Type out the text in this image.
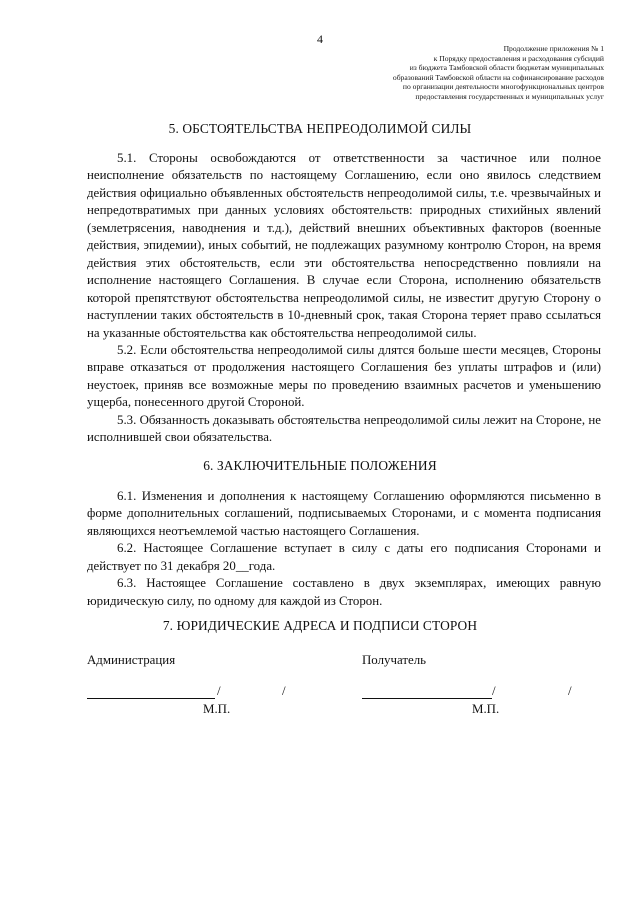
4
Продолжение приложения № 1
к Порядку предоставления и расходования субсидий
из бюджета Тамбовской области бюджетам муниципальных
образований Тамбовской области на софинансирование расходов
по организации деятельности многофункциональных центров
предоставления государственных и муниципальных услуг
5. ОБСТОЯТЕЛЬСТВА НЕПРЕОДОЛИМОЙ СИЛЫ

5.1. Стороны освобождаются от ответственности за частичное или полное неисполнение обязательств по настоящему Соглашению, если оно явилось следствием действия официально объявленных обстоятельств непреодолимой силы, т.е. чрезвычайных и непредотвратимых при данных условиях обстоятельств: природных стихийных явлений (землетрясения, наводнения и т.д.), действий внешних объективных факторов (военные действия, эпидемии), иных событий, не подлежащих разумному контролю Сторон, на время действия этих обстоятельств, если эти обстоятельства непосредственно повлияли на исполнение настоящего Соглашения. В случае если Сторона, исполнению обязательств которой препятствуют обстоятельства непреодолимой силы, не известит другую Сторону о наступлении таких обстоятельств в 10-дневный срок, такая Сторона теряет право ссылаться на указанные обстоятельства как обстоятельства непреодолимой силы.

5.2. Если обстоятельства непреодолимой силы длятся больше шести месяцев, Стороны вправе отказаться от продолжения настоящего Соглашения без уплаты штрафов и (или) неустоек, приняв все возможные меры по проведению взаимных расчетов и уменьшению ущерба, понесенного другой Стороной.

5.3. Обязанность доказывать обстоятельства непреодолимой силы лежит на Стороне, не исполнившей свои обязательства.

6. ЗАКЛЮЧИТЕЛЬНЫЕ ПОЛОЖЕНИЯ

6.1. Изменения и дополнения к настоящему Соглашению оформляются письменно в форме дополнительных соглашений, подписываемых Сторонами, и с момента подписания являющихся неотъемлемой частью настоящего Соглашения.

6.2. Настоящее Соглашение вступает в силу с даты его подписания Сторонами и действует по 31 декабря 20__года.

6.3. Настоящее Соглашение составлено в двух экземплярах, имеющих равную юридическую силу, по одному для каждой из Сторон.

7. ЮРИДИЧЕСКИЕ АДРЕСА И ПОДПИСИ СТОРОН
Администрация	Получатель
/	/	/	/
М.П.	М.П.
